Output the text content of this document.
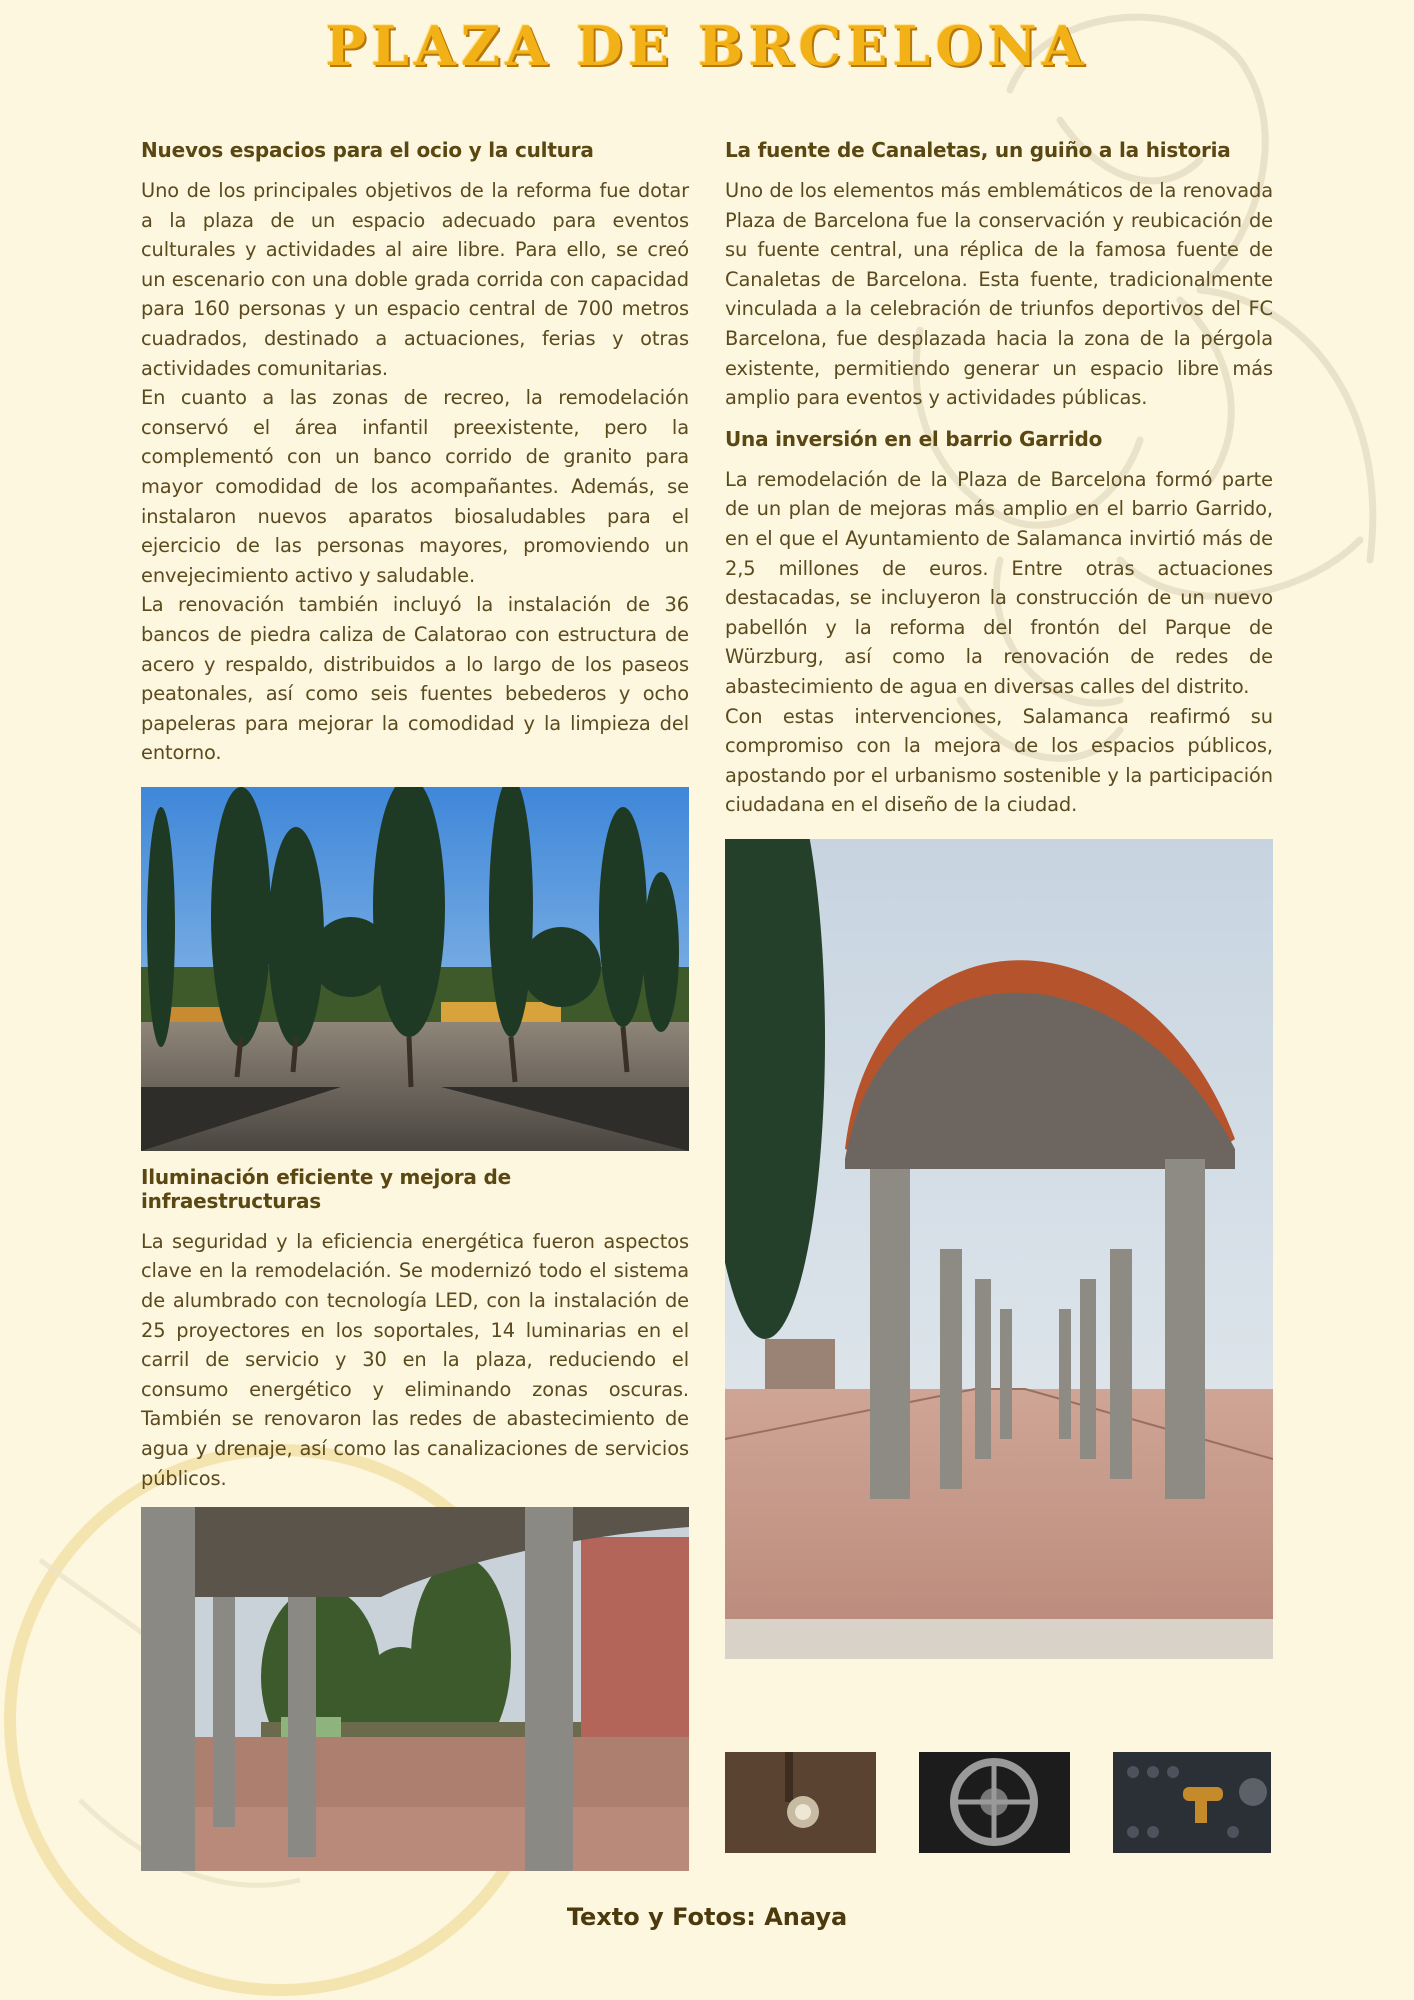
PLAZA DE BRCELONA
Nuevos espacios para el ocio y la cultura

Uno de los principales objetivos de la reforma fue dotar a la plaza de un espacio adecuado para eventos culturales y actividades al aire libre. Para ello, se creó un escenario con una doble grada corrida con capacidad para 160 personas y un espacio central de 700 metros cuadrados, destinado a actuaciones, ferias y otras actividades comunitarias.

En cuanto a las zonas de recreo, la remodelación conservó el área infantil preexistente, pero la complementó con un banco corrido de granito para mayor comodidad de los acompañantes. Además, se instalaron nuevos aparatos biosaludables para el ejercicio de las personas mayores, promoviendo un envejecimiento activo y saludable.

La renovación también incluyó la instalación de 36 bancos de piedra caliza de Calatorao con estructura de acero y respaldo, distribuidos a lo largo de los paseos peatonales, así como seis fuentes bebederos y ocho papeleras para mejorar la comodidad y la limpieza del entorno.

Iluminación eficiente y mejora de infraestructuras

La seguridad y la eficiencia energética fueron aspectos clave en la remodelación. Se modernizó todo el sistema de alumbrado con tecnología LED, con la instalación de 25 proyectores en los soportales, 14 luminarias en el carril de servicio y 30 en la plaza, reduciendo el consumo energético y eliminando zonas oscuras. También se renovaron las redes de abastecimiento de agua y drenaje, así como las canalizaciones de servicios públicos.

La fuente de Canaletas, un guiño a la historia

Uno de los elementos más emblemáticos de la renovada Plaza de Barcelona fue la conservación y reubicación de su fuente central, una réplica de la famosa fuente de Canaletas de Barcelona. Esta fuente, tradicionalmente vinculada a la celebración de triunfos deportivos del FC Barcelona, fue desplazada hacia la zona de la pérgola existente, permitiendo generar un espacio libre más amplio para eventos y actividades públicas.

Una inversión en el barrio Garrido

La remodelación de la Plaza de Barcelona formó parte de un plan de mejoras más amplio en el barrio Garrido, en el que el Ayuntamiento de Salamanca invirtió más de 2,5 millones de euros. Entre otras actuaciones destacadas, se incluyeron la construcción de un nuevo pabellón y la reforma del frontón del Parque de Würzburg, así como la renovación de redes de abastecimiento de agua en diversas calles del distrito.

Con estas intervenciones, Salamanca reafirmó su compromiso con la mejora de los espacios públicos, apostando por el urbanismo sostenible y la participación ciudadana en el diseño de la ciudad.

Texto y Fotos: Anaya
